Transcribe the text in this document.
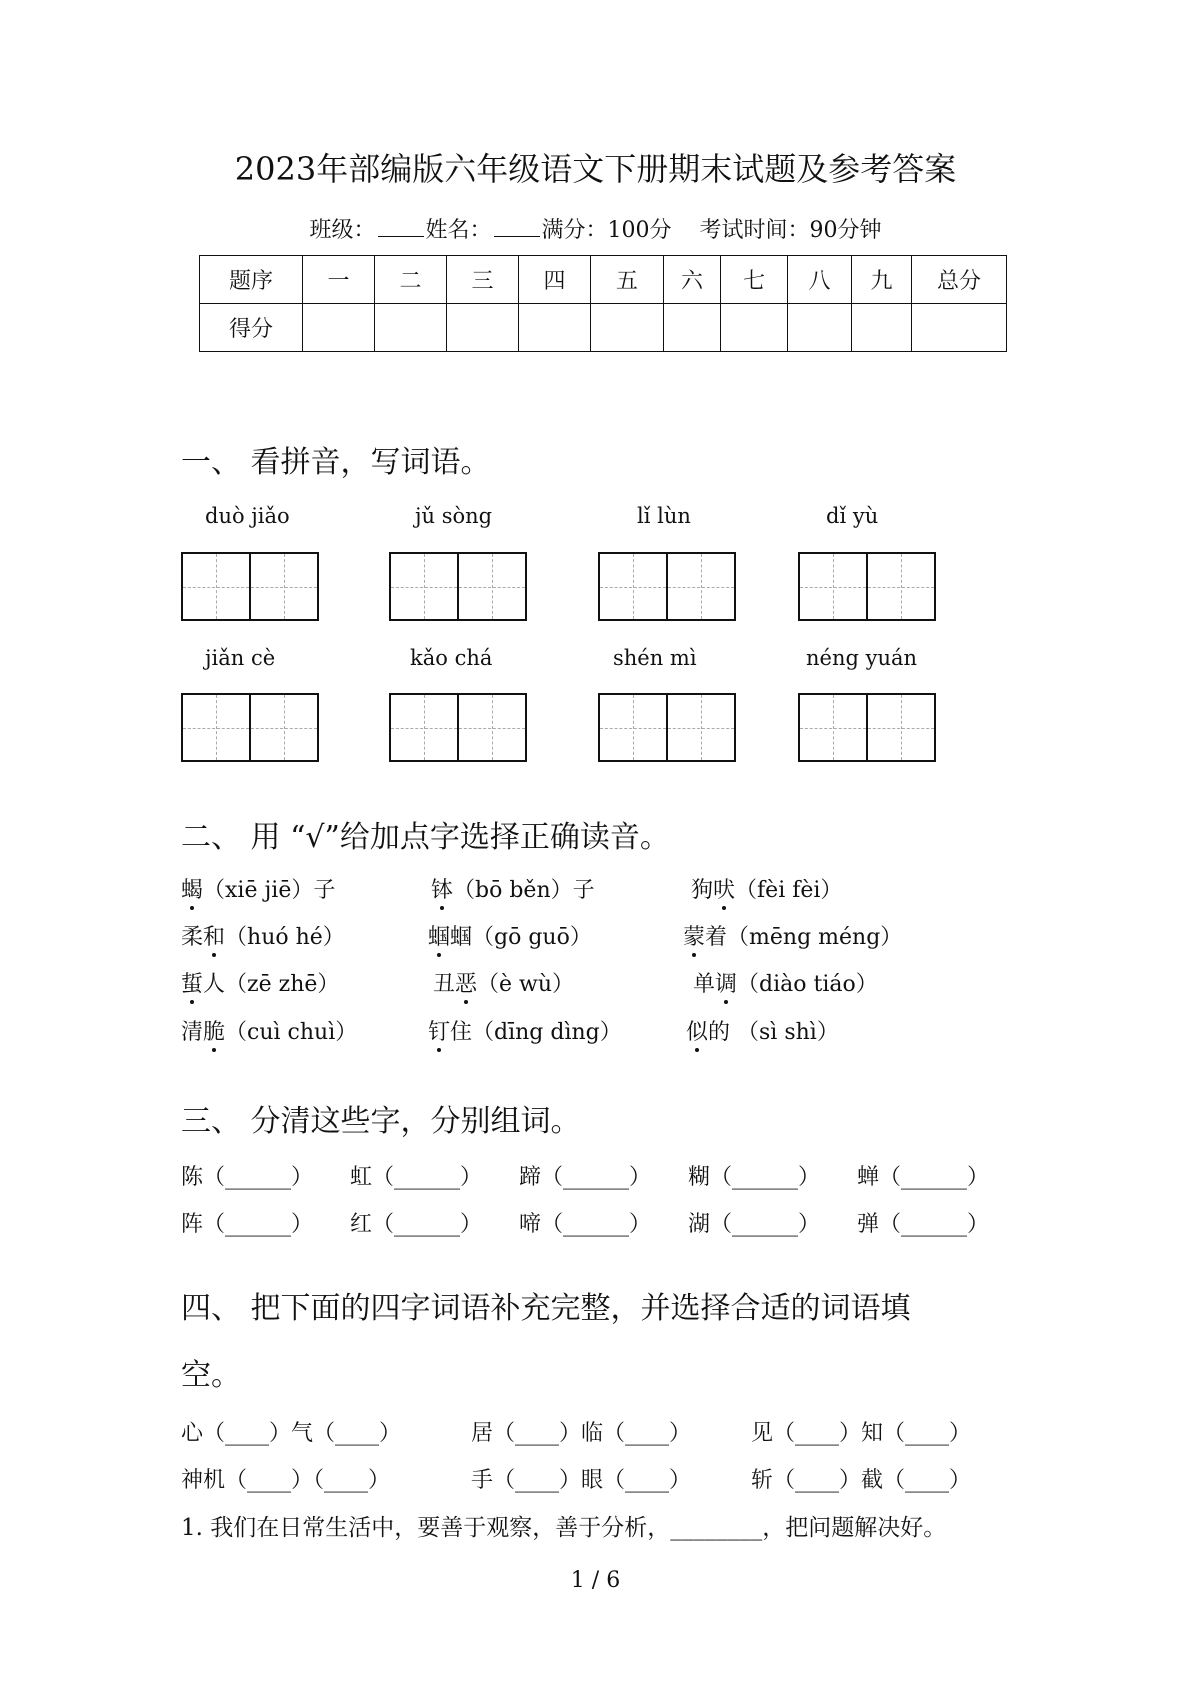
2023年部编版六年级语文下册期末试题及参考答案
班级： 姓名： 满分：100分 考试时间：90分钟
题序	一	二	三	四	五	六	七	八	九	总分
得分										
一、 看拼音，写词语。
duò jiǎo	jǔ sòng	lǐ lùn	dǐ yù
jiǎn cè	kǎo chá	shén mì	néng yuán
二、 用 “√”给加点字选择正确读音。
蝎（xiē jiē）子	钵（bō běn）子	狗吠（fèi fèi）
柔和（huó hé）	蝈蝈（gō guō）	蒙着（mēng méng）
蜇人（zē zhē）	丑恶（è wù）	单调（diào tiáo）
清脆（cuì chuì）	钉住（dīng dìng）	似的 （sì shì）
三、 分清这些字，分别组词。
陈（______） 虹（______） 蹄（______） 糊（______） 蝉（______）
阵（______） 红（______） 啼（______） 湖（______） 弹（______）
四、 把下面的四字词语补充完整，并选择合适的词语填
空。
心（____）气（____）	居（____）临（____）	见（____）知（____）
神机（____）（____）	手（____）眼（____）	斩（____）截（____）
1. 我们在日常生活中，要善于观察，善于分析，________，把问题解决好。
1 / 6
